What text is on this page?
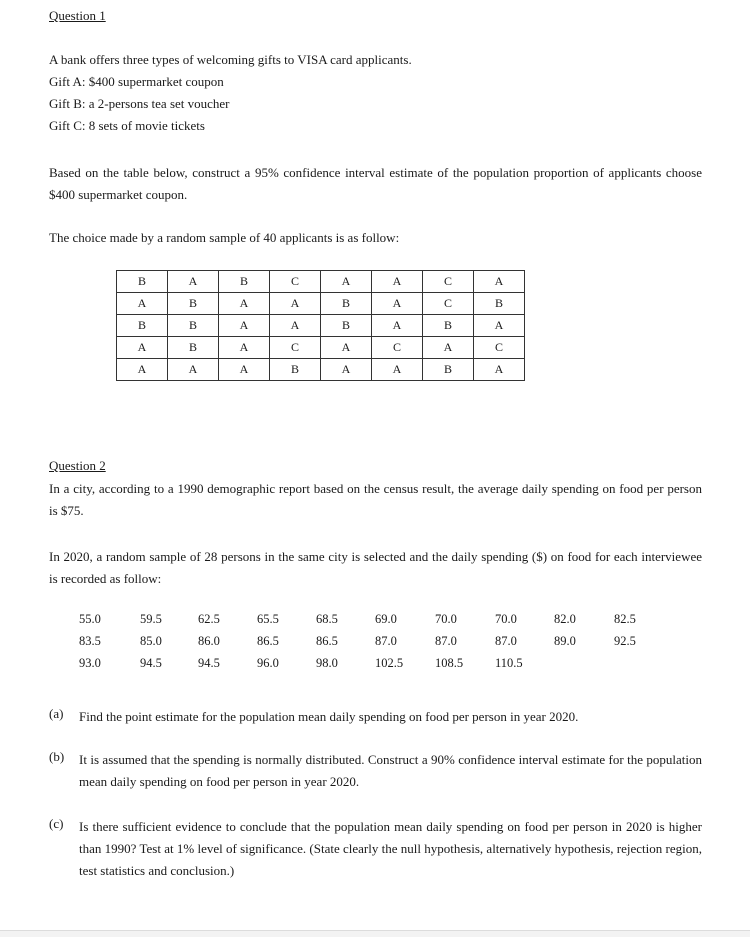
Question 1
A bank offers three types of welcoming gifts to VISA card applicants.
Gift A: $400 supermarket coupon
Gift B: a 2-persons tea set voucher
Gift C: 8 sets of movie tickets
Based on the table below, construct a 95% confidence interval estimate of the population proportion of applicants choose $400 supermarket coupon.
The choice made by a random sample of 40 applicants is as follow:
B	A	B	C	A	A	C	A
A	B	A	A	B	A	C	B
B	B	A	A	B	A	B	A
A	B	A	C	A	C	A	C
A	A	A	B	A	A	B	A
Question 2
In a city, according to a 1990 demographic report based on the census result, the average daily spending on food per person is $75.
In 2020, a random sample of 28 persons in the same city is selected and the daily spending ($) on food for each interviewee is recorded as follow:
55.0	59.5	62.5	65.5	68.5	69.0	70.0	70.0	82.0	82.5
83.5	85.0	86.0	86.5	86.5	87.0	87.0	87.0	89.0	92.5
93.0	94.5	94.5	96.0	98.0	102.5	108.5	110.5
(a) Find the point estimate for the population mean daily spending on food per person in year 2020.
(b) It is assumed that the spending is normally distributed. Construct a 90% confidence interval estimate for the population mean daily spending on food per person in year 2020.
(c) Is there sufficient evidence to conclude that the population mean daily spending on food per person in 2020 is higher than 1990? Test at 1% level of significance. (State clearly the null hypothesis, alternatively hypothesis, rejection region, test statistics and conclusion.)
